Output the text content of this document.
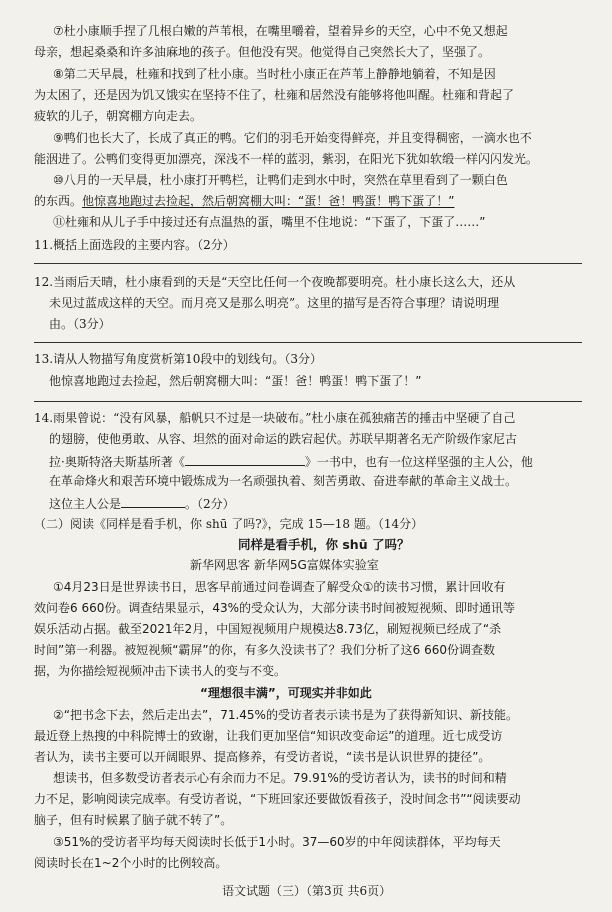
⑦杜小康顺手捏了几根白嫩的芦苇根，在嘴里嚼着，望着异乡的天空，心中不免又想起
母亲，想起桑桑和许多油麻地的孩子。但他没有哭。他觉得自己突然长大了，坚强了。
⑧第二天早晨，杜雍和找到了杜小康。当时杜小康正在芦苇上静静地躺着，不知是因
为太困了，还是因为饥又饿实在坚持不住了，杜雍和居然没有能够将他叫醒。杜雍和背起了
疲软的儿子，朝窝棚方向走去。
⑨鸭们也长大了，长成了真正的鸭。它们的羽毛开始变得鲜亮，并且变得稠密，一滴水也不
能洇进了。公鸭们变得更加漂亮，深浅不一样的蓝羽，紫羽，在阳光下犹如软缎一样闪闪发光。
⑩八月的一天早晨，杜小康打开鸭栏，让鸭们走到水中时，突然在草里看到了一颗白色
的东西。他惊喜地跑过去捡起，然后朝窝棚大叫：“蛋！爸！鸭蛋！鸭下蛋了！”
⑪杜雍和从儿子手中接过还有点温热的蛋，嘴里不住地说：“下蛋了，下蛋了……”
11.概括上面选段的主要内容。（2分）
12.当雨后天晴，杜小康看到的天是“天空比任何一个夜晚都要明亮。杜小康长这么大，还从
未见过蓝成这样的天空。而月亮又是那么明亮”。这里的描写是否符合事理？请说明理
由。（3分）
13.请从人物描写角度赏析第10段中的划线句。（3分）
他惊喜地跑过去捡起，然后朝窝棚大叫：“蛋！爸！鸭蛋！鸭下蛋了！”
14.雨果曾说：“没有风暴，船帆只不过是一块破布。”杜小康在孤独痛苦的捶击中坚硬了自己
的翅膀，使他勇敢、从容、坦然的面对命运的跌宕起伏。苏联早期著名无产阶级作家尼古
拉·奥斯特洛夫斯基所著《	》一书中，也有一位这样坚强的主人公，他
在革命烽火和艰苦环境中锻炼成为一名顽强执着、刻苦勇敢、奋进奉献的革命主义战士。
这位主人公是	。（2分）
（二）阅读《同样是看手机，你 shū 了吗?》，完成 15—18 题。（14分）
同样是看手机，你 shū 了吗？
新华网思客 新华网5G富媒体实验室
①4月23日是世界读书日，思客早前通过问卷调查了解受众①的读书习惯，累计回收有
效问卷6 660份。调查结果显示，43%的受众认为，大部分读书时间被短视频、即时通讯等
娱乐活动占据。截至2021年2月，中国短视频用户规模达8.73亿，刷短视频已经成了“杀
时间”第一利器。被短视频“霸屏”的你，有多久没读书了？我们分析了这6 660份调查数
据，为你描绘短视频冲击下读书人的变与不变。
“理想很丰满”，可现实并非如此
②“把书念下去，然后走出去”，71.45%的受访者表示读书是为了获得新知识、新技能。
最近登上热搜的中科院博士的致谢，让我们更加坚信“知识改变命运”的道理。近七成受访
者认为，读书主要可以开阔眼界、提高修养，有受访者说，“读书是认识世界的捷径”。
想读书，但多数受访者表示心有余而力不足。79.91%的受访者认为，读书的时间和精
力不足，影响阅读完成率。有受访者说，“下班回家还要做饭看孩子，没时间念书”“阅读要动
脑子，但有时候累了脑子就不转了”。
③51%的受访者平均每天阅读时长低于1小时。37—60岁的中年阅读群体，平均每天
阅读时长在1~2个小时的比例较高。
语文试题（三）（第3页 共6页）
